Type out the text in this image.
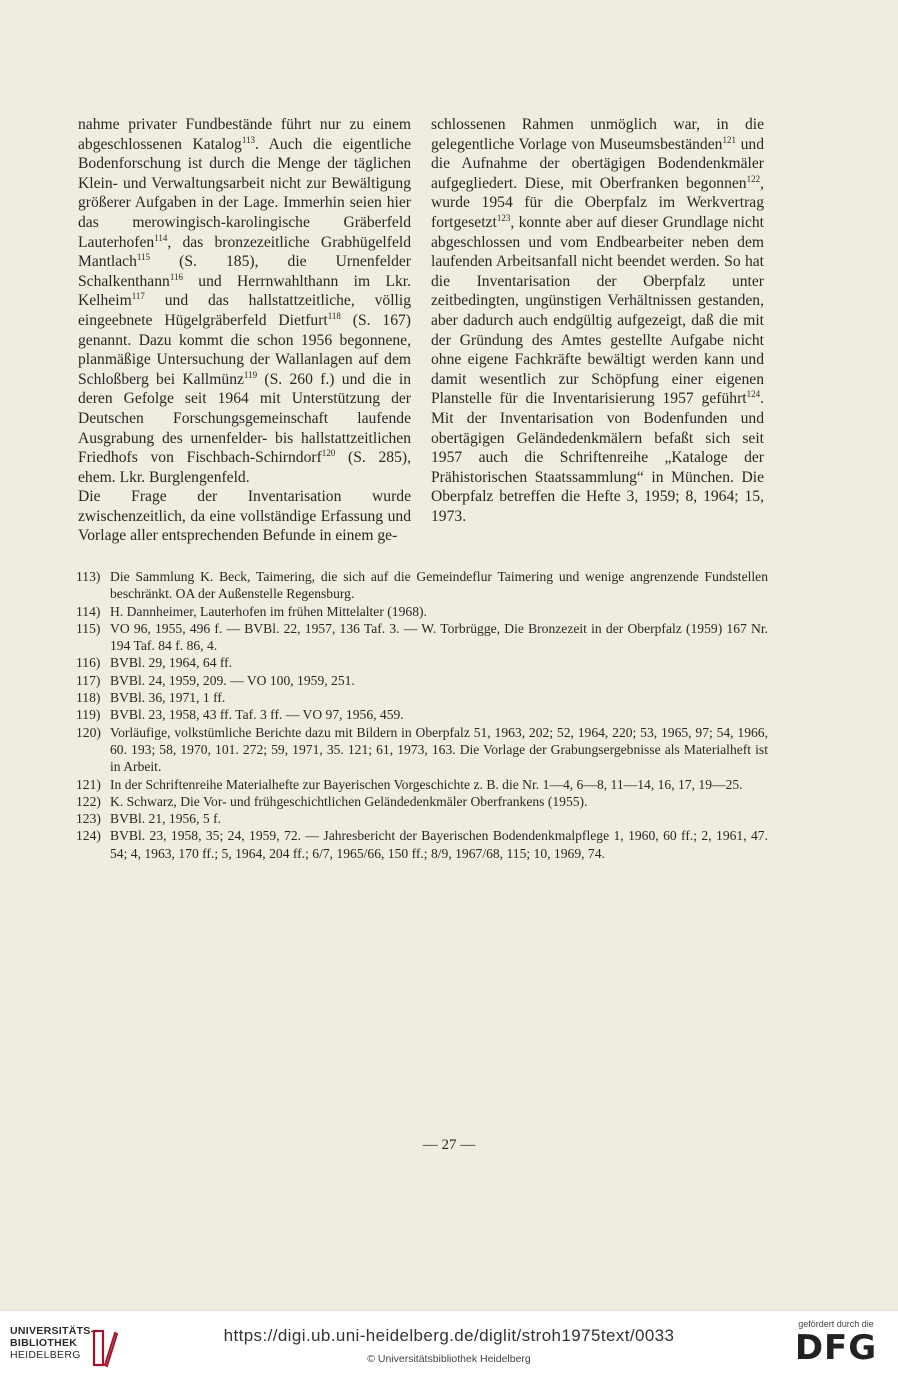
nahme privater Fundbestände führt nur zu einem abgeschlossenen Katalog$^{113}$. Auch die eigentliche Bodenforschung ist durch die Menge der täglichen Klein- und Verwaltungsarbeit nicht zur Bewältigung größerer Aufgaben in der Lage. Immerhin seien hier das merowingisch-karolingische Gräberfeld Lauterhofen$^{114}$, das bronzezeitliche Grabhügelfeld Mantlach$^{115}$ (S. 185), die Urnenfelder Schalkenthann$^{116}$ und Herrnwahlthann im Lkr. Kelheim$^{117}$ und das hallstattzeitliche, völlig eingeebnete Hügelgräberfeld Dietfurt$^{118}$ (S. 167) genannt. Dazu kommt die schon 1956 begonnene, planmäßige Untersuchung der Wallanlagen auf dem Schloßberg bei Kallmünz$^{119}$ (S. 260 f.) und die in deren Gefolge seit 1964 mit Unterstützung der Deutschen Forschungsgemeinschaft laufende Ausgrabung des urnenfelder- bis hallstattzeitlichen Friedhofs von Fischbach-Schirndorf$^{120}$ (S. 285), ehem. Lkr. Burglengenfeld.

Die Frage der Inventarisation wurde zwischenzeitlich, da eine vollständige Erfassung und Vorlage aller entsprechenden Befunde in einem ge-

schlossenen Rahmen unmöglich war, in die gelegentliche Vorlage von Museumsbeständen$^{121}$ und die Aufnahme der obertägigen Bodendenkmäler aufgegliedert. Diese, mit Oberfranken begonnen$^{122}$, wurde 1954 für die Oberpfalz im Werkvertrag fortgesetzt$^{123}$, konnte aber auf dieser Grundlage nicht abgeschlossen und vom Endbearbeiter neben dem laufenden Arbeitsanfall nicht beendet werden. So hat die Inventarisation der Oberpfalz unter zeitbedingten, ungünstigen Verhältnissen gestanden, aber dadurch auch endgültig aufgezeigt, daß die mit der Gründung des Amtes gestellte Aufgabe nicht ohne eigene Fachkräfte bewältigt werden kann und damit wesentlich zur Schöpfung einer eigenen Planstelle für die Inventarisierung 1957 geführt$^{124}$. Mit der Inventarisation von Bodenfunden und obertägigen Geländedenkmälern befaßt sich seit 1957 auch die Schriftenreihe „Kataloge der Prähistorischen Staatssammlung“ in München. Die Oberpfalz betreffen die Hefte 3, 1959; 8, 1964; 15, 1973.

113) Die Sammlung K. Beck, Taimering, die sich auf die Gemeindeflur Taimering und wenige angrenzende Fundstellen beschränkt. OA der Außenstelle Regensburg.
114) H. Dannheimer, Lauterhofen im frühen Mittelalter (1968).
115) VO 96, 1955, 496 f. — BVBl. 22, 1957, 136 Taf. 3. — W. Torbrügge, Die Bronzezeit in der Oberpfalz (1959) 167 Nr. 194 Taf. 84 f. 86, 4.
116) BVBl. 29, 1964, 64 ff.
117) BVBl. 24, 1959, 209. — VO 100, 1959, 251.
118) BVBl. 36, 1971, 1 ff.
119) BVBl. 23, 1958, 43 ff. Taf. 3 ff. — VO 97, 1956, 459.
120) Vorläufige, volkstümliche Berichte dazu mit Bildern in Oberpfalz 51, 1963, 202; 52, 1964, 220; 53, 1965, 97; 54, 1966, 60. 193; 58, 1970, 101. 272; 59, 1971, 35. 121; 61, 1973, 163. Die Vorlage der Grabungsergebnisse als Materialheft ist in Arbeit.
121) In der Schriftenreihe Materialhefte zur Bayerischen Vorgeschichte z. B. die Nr. 1—4, 6—8, 11—14, 16, 17, 19—25.
122) K. Schwarz, Die Vor- und frühgeschichtlichen Geländedenkmäler Oberfrankens (1955).
123) BVBl. 21, 1956, 5 f.
124) BVBl. 23, 1958, 35; 24, 1959, 72. — Jahresbericht der Bayerischen Bodendenkmalpflege 1, 1960, 60 ff.; 2, 1961, 47. 54; 4, 1963, 170 ff.; 5, 1964, 204 ff.; 6/7, 1965/66, 150 ff.; 8/9, 1967/68, 115; 10, 1969, 74.
— 27 —
UNIVERSITÄTS-
BIBLIOTHEK
HEIDELBERG
https://digi.ub.uni-heidelberg.de/diglit/stroh1975text/0033
© Universitätsbibliothek Heidelberg
gefördert durch die
DFG
